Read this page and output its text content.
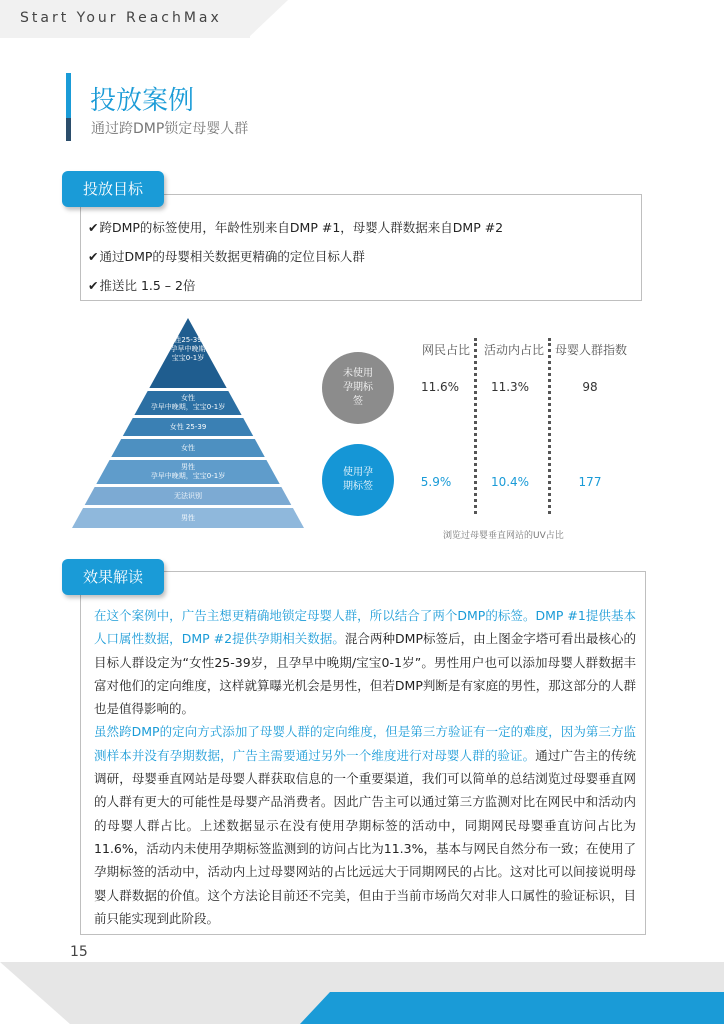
Start Your ReachMax
投放案例
通过跨DMP锁定母婴人群
投放目标
✔跨DMP的标签使用，年龄性别来自DMP #1，母婴人群数据来自DMP #2
✔通过DMP的母婴相关数据更精确的定位目标人群
✔推送比 1.5 – 2倍
女性25-39岁
孕早中晚期
宝宝0-1岁
女性
孕早中晚期，宝宝0-1岁
女性 25-39
女性
男性
孕早中晚期，宝宝0-1岁
无法识别
男性
未使用
孕期标
签
使用孕
期标签
网民占比 活动内占比 母婴人群指数
11.6%	11.3%	98
5.9%	10.4%	177
浏览过母婴垂直网站的UV占比
效果解读
在这个案例中，广告主想更精确地锁定母婴人群，所以结合了两个DMP的标签。DMP #1提供基本人口属性数据，DMP #2提供孕期相关数据。混合两种DMP标签后，由上图金字塔可看出最核心的目标人群设定为“女性25-39岁，且孕早中晚期/宝宝0-1岁”。男性用户也可以添加母婴人群数据丰富对他们的定向维度，这样就算曝光机会是男性，但若DMP判断是有家庭的男性，那这部分的人群也是值得影响的。
虽然跨DMP的定向方式添加了母婴人群的定向维度，但是第三方验证有一定的难度，因为第三方监测样本并没有孕期数据，广告主需要通过另外一个维度进行对母婴人群的验证。通过广告主的传统调研，母婴垂直网站是母婴人群获取信息的一个重要渠道，我们可以简单的总结浏览过母婴垂直网的人群有更大的可能性是母婴产品消费者。因此广告主可以通过第三方监测对比在网民中和活动内的母婴人群占比。上述数据显示在没有使用孕期标签的活动中，同期网民母婴垂直访问占比为11.6%，活动内未使用孕期标签监测到的访问占比为11.3%，基本与网民自然分布一致；在使用了孕期标签的活动中，活动内上过母婴网站的占比远远大于同期网民的占比。这对比可以间接说明母婴人群数据的价值。这个方法论目前还不完美，但由于当前市场尚欠对非人口属性的验证标识，目前只能实现到此阶段。
15
